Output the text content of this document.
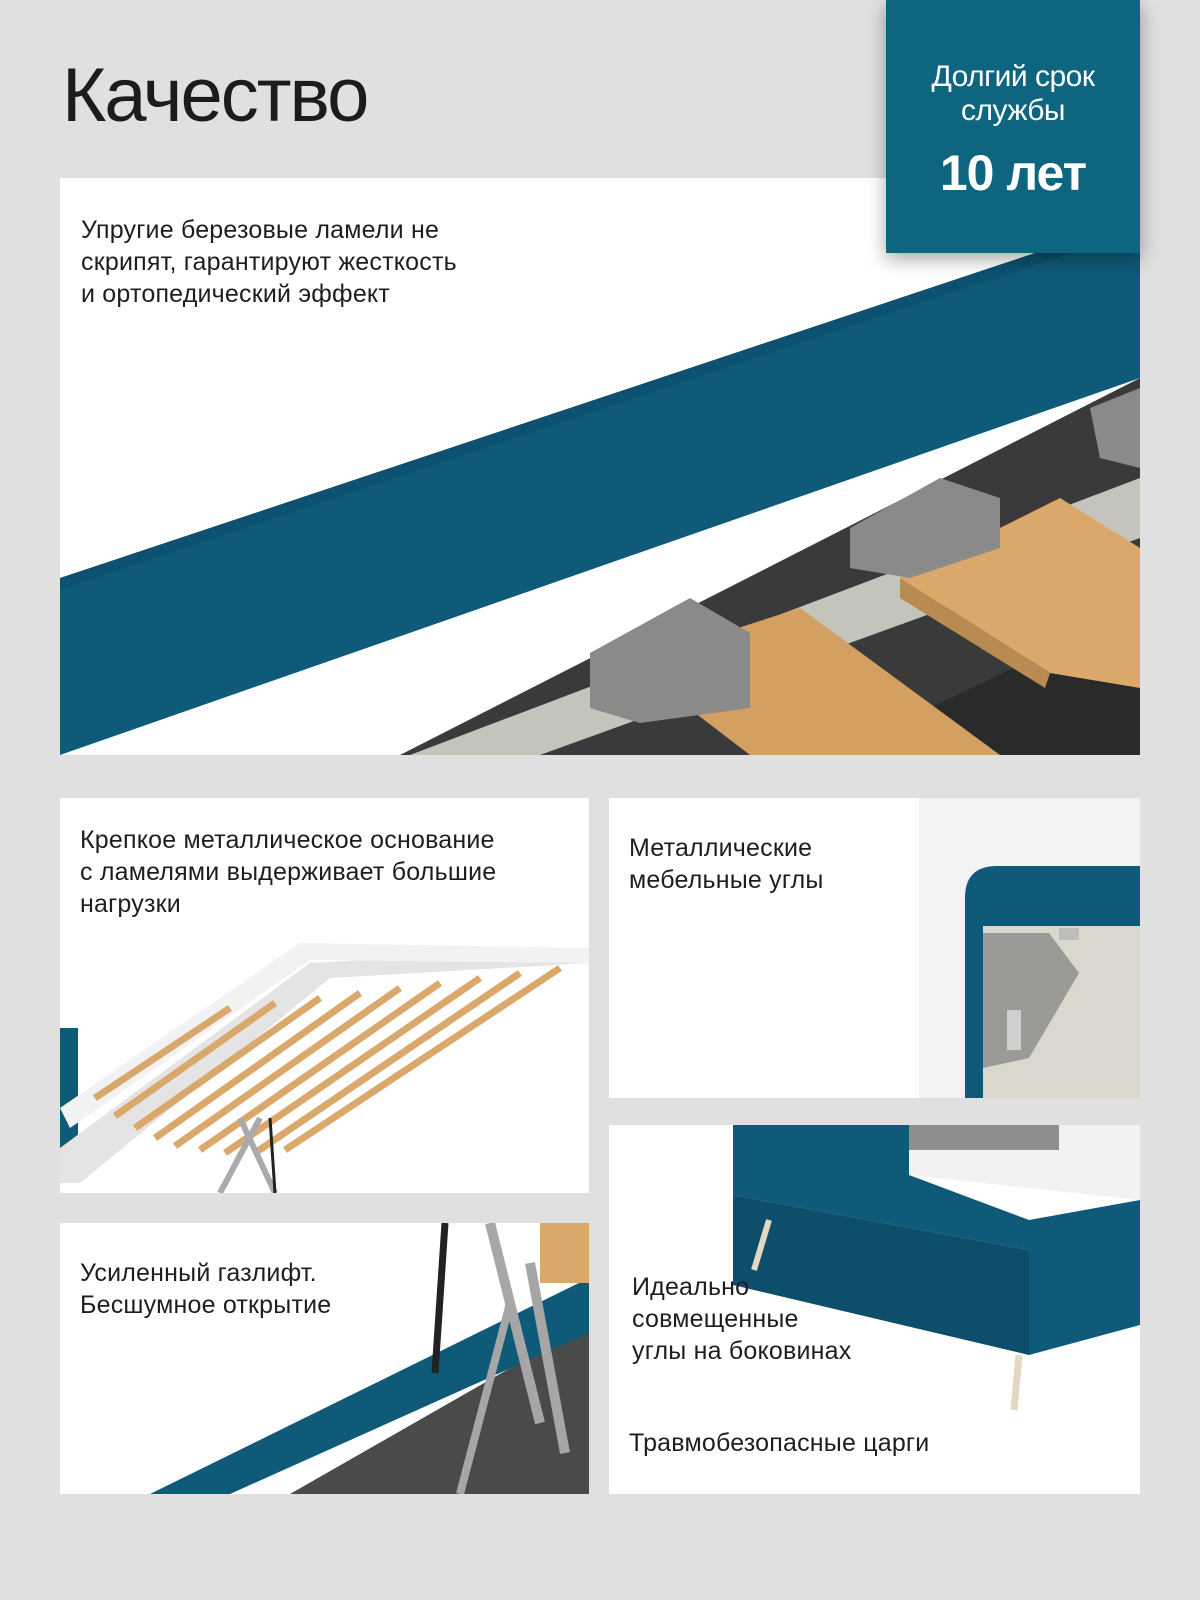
Качество	Долгий срок
службы
10 лет

Упругие березовые ламели не
скрипят, гарантируют жесткость
и ортопедический эффект

Крепкое металлическое основание
с ламелями выдерживает большие
нагрузки

Металлические
мебельные углы

Усиленный газлифт.
Бесшумное открытие

Идеально
совмещенные
углы на боковинах

Травмобезопасные царги
